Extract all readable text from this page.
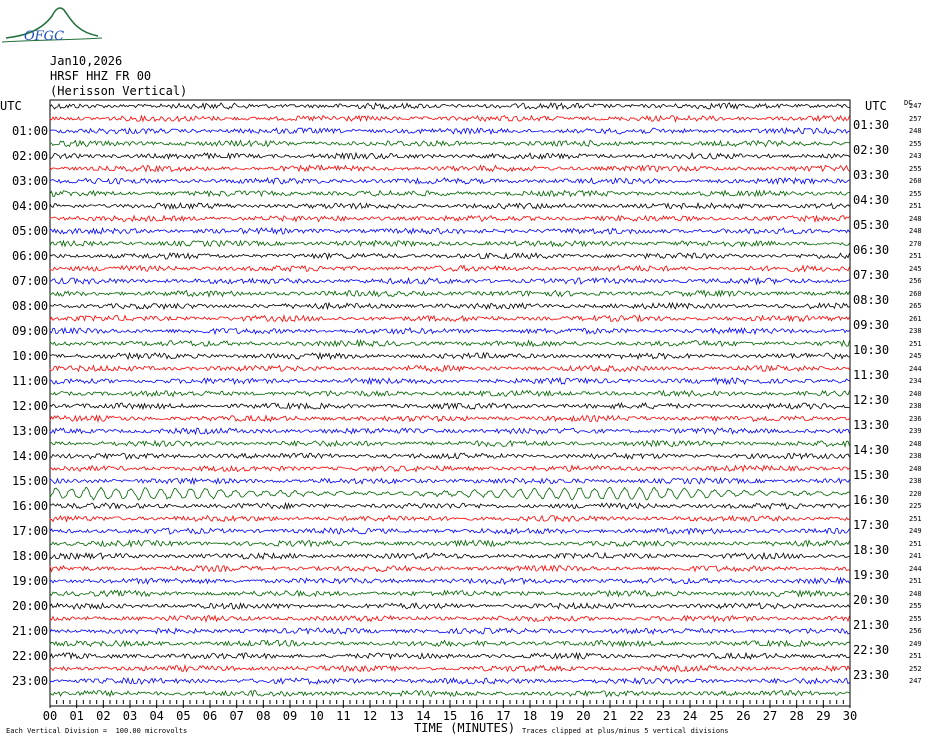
00 01 02 03 04 05 06 07 08 09 10 11 12 13 14 15 16 17 18 19 20 21 22 23 24 25 26 27 28 29 30
OFGC
Jan10,2026
HRSF HHZ FR 00
(Herisson Vertical)
UTC	UTC DC
01:00
02:00
03:00
04:00
05:00
06:00
07:00
08:00
09:00
10:00
11:00
12:00
13:00
14:00
15:00
16:00
17:00
18:00
19:00
20:00
21:00
22:00
23:00
01:30
02:30
03:30
04:30
05:30
06:30
07:30
08:30
09:30
10:30
11:30
12:30
13:30
14:30
15:30
16:30
17:30
18:30
19:30
20:30
21:30
22:30
23:30
247
257
248
255
243
255
260
255
251
248
248
270
251
245
256
260
265
261
238
251
245
244
234
240
238
236
239
248
238
240
238
220
225
251
249
251
241
244
251
248
255
255
256
249
251
252
247
TIME (MINUTES)
Each Vertical Division =  100.00 microvolts	Traces clipped at plus/minus 5 vertical divisions
